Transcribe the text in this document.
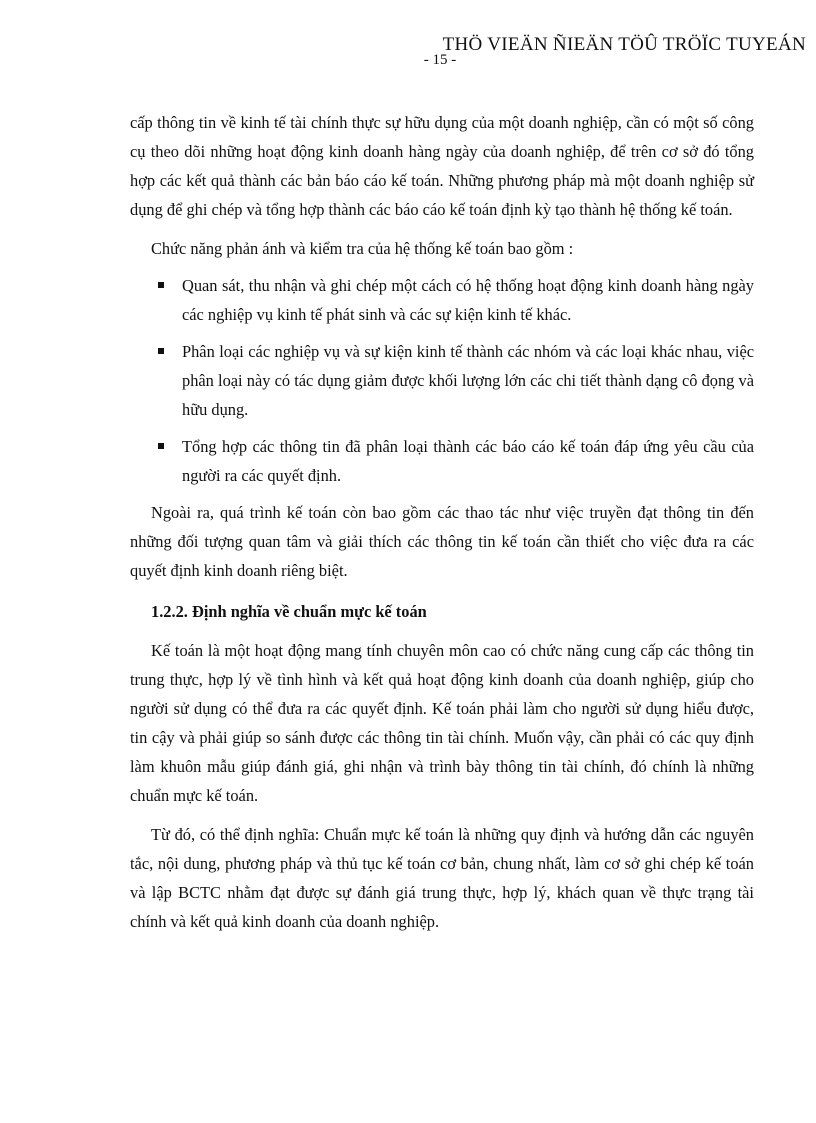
THÖ VIEÄN ÑIEÄN TÖÛ TRÖÏC TUYEÁN
- 15 -

cấp thông tin về kinh tế tài chính thực sự hữu dụng của một doanh nghiệp, cần có một số công cụ theo dõi những hoạt động kinh doanh hàng ngày của doanh nghiệp, để trên cơ sở đó tổng hợp các kết quả thành các bản báo cáo kế toán. Những phương pháp mà một doanh nghiệp sử dụng để ghi chép và tổng hợp thành các báo cáo kế toán định kỳ tạo thành hệ thống kế toán.

Chức năng phản ánh và kiểm tra của hệ thống kế toán bao gồm :

Quan sát, thu nhận và ghi chép một cách có hệ thống hoạt động kinh doanh hàng ngày các nghiệp vụ kinh tế phát sinh và các sự kiện kinh tế khác.
Phân loại các nghiệp vụ và sự kiện kinh tế thành các nhóm và các loại khác nhau, việc phân loại này có tác dụng giảm được khối lượng lớn các chi tiết thành dạng cô đọng và hữu dụng.
Tổng hợp các thông tin đã phân loại thành các báo cáo kế toán đáp ứng yêu cầu của người ra các quyết định.

Ngoài ra, quá trình kế toán còn bao gồm các thao tác như việc truyền đạt thông tin đến những đối tượng quan tâm và giải thích các thông tin kế toán cần thiết cho việc đưa ra các quyết định kinh doanh riêng biệt.

1.2.2. Định nghĩa về chuẩn mực kế toán

Kế toán là một hoạt động mang tính chuyên môn cao có chức năng cung cấp các thông tin trung thực, hợp lý về tình hình và kết quả hoạt động kinh doanh của doanh nghiệp, giúp cho người sử dụng có thể đưa ra các quyết định. Kế toán phải làm cho người sử dụng hiểu được, tin cậy và phải giúp so sánh được các thông tin tài chính. Muốn vậy, cần phải có các quy định làm khuôn mẫu giúp đánh giá, ghi nhận và trình bày thông tin tài chính, đó chính là những chuẩn mực kế toán.

Từ đó, có thể định nghĩa: Chuẩn mực kế toán là những quy định và hướng dẫn các nguyên tắc, nội dung, phương pháp và thủ tục kế toán cơ bản, chung nhất, làm cơ sở ghi chép kế toán và lập BCTC nhằm đạt được sự đánh giá trung thực, hợp lý, khách quan về thực trạng tài chính và kết quả kinh doanh của doanh nghiệp.
